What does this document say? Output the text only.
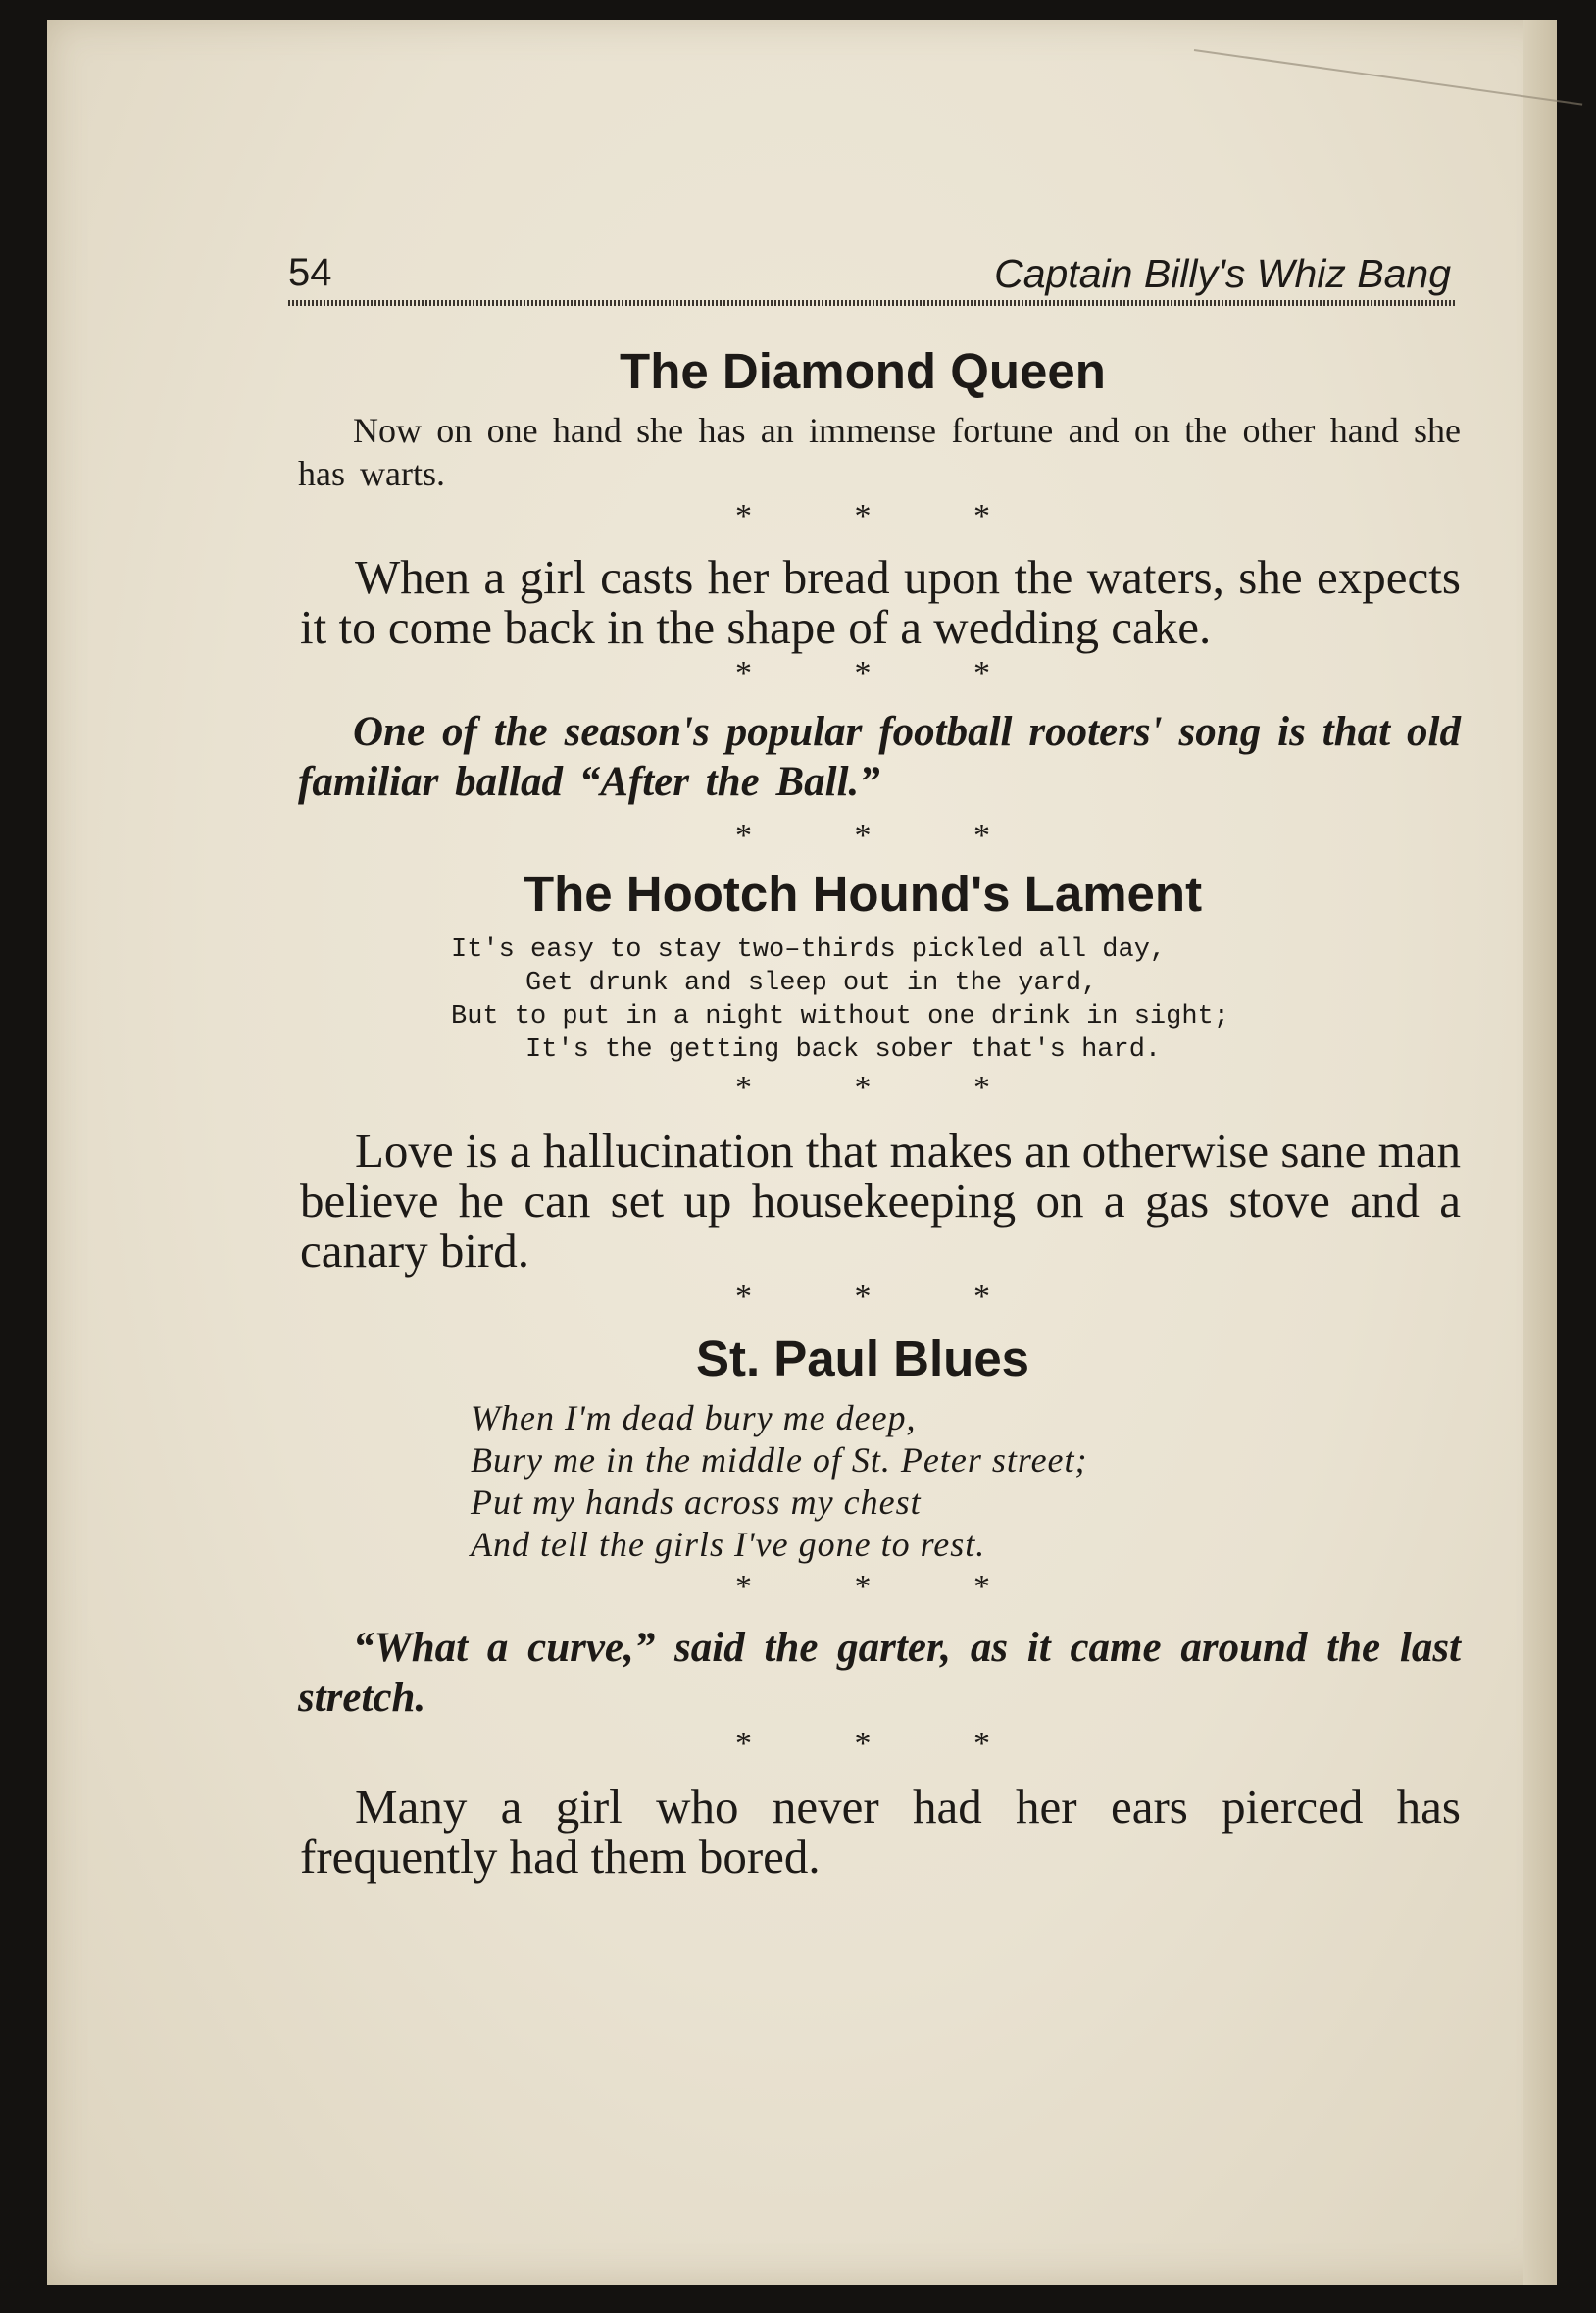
54	Captain Billy's Whiz Bang
The Diamond Queen

Now on one hand she has an immense fortune and on the other hand she has warts.

* * *

When a girl casts her bread upon the waters, she expects it to come back in the shape of a wedding cake.

* * *

One of the season's popular football rooters' song is that old familiar ballad “After the Ball.”

* * *

The Hootch Hound's Lament
It's easy to stay two–thirds pickled all day,
Get drunk and sleep out in the yard,
But to put in a night without one drink in sight;
It's the getting back sober that's hard.

* * *

Love is a hallucination that makes an otherwise sane man believe he can set up housekeeping on a gas stove and a canary bird.

* * *

St. Paul Blues
When I'm dead bury me deep,
Bury me in the middle of St. Peter street;
Put my hands across my chest
And tell the girls I've gone to rest.

* * *

“What a curve,” said the garter, as it came around the last stretch.

* * *

Many a girl who never had her ears pierced has frequently had them bored.
